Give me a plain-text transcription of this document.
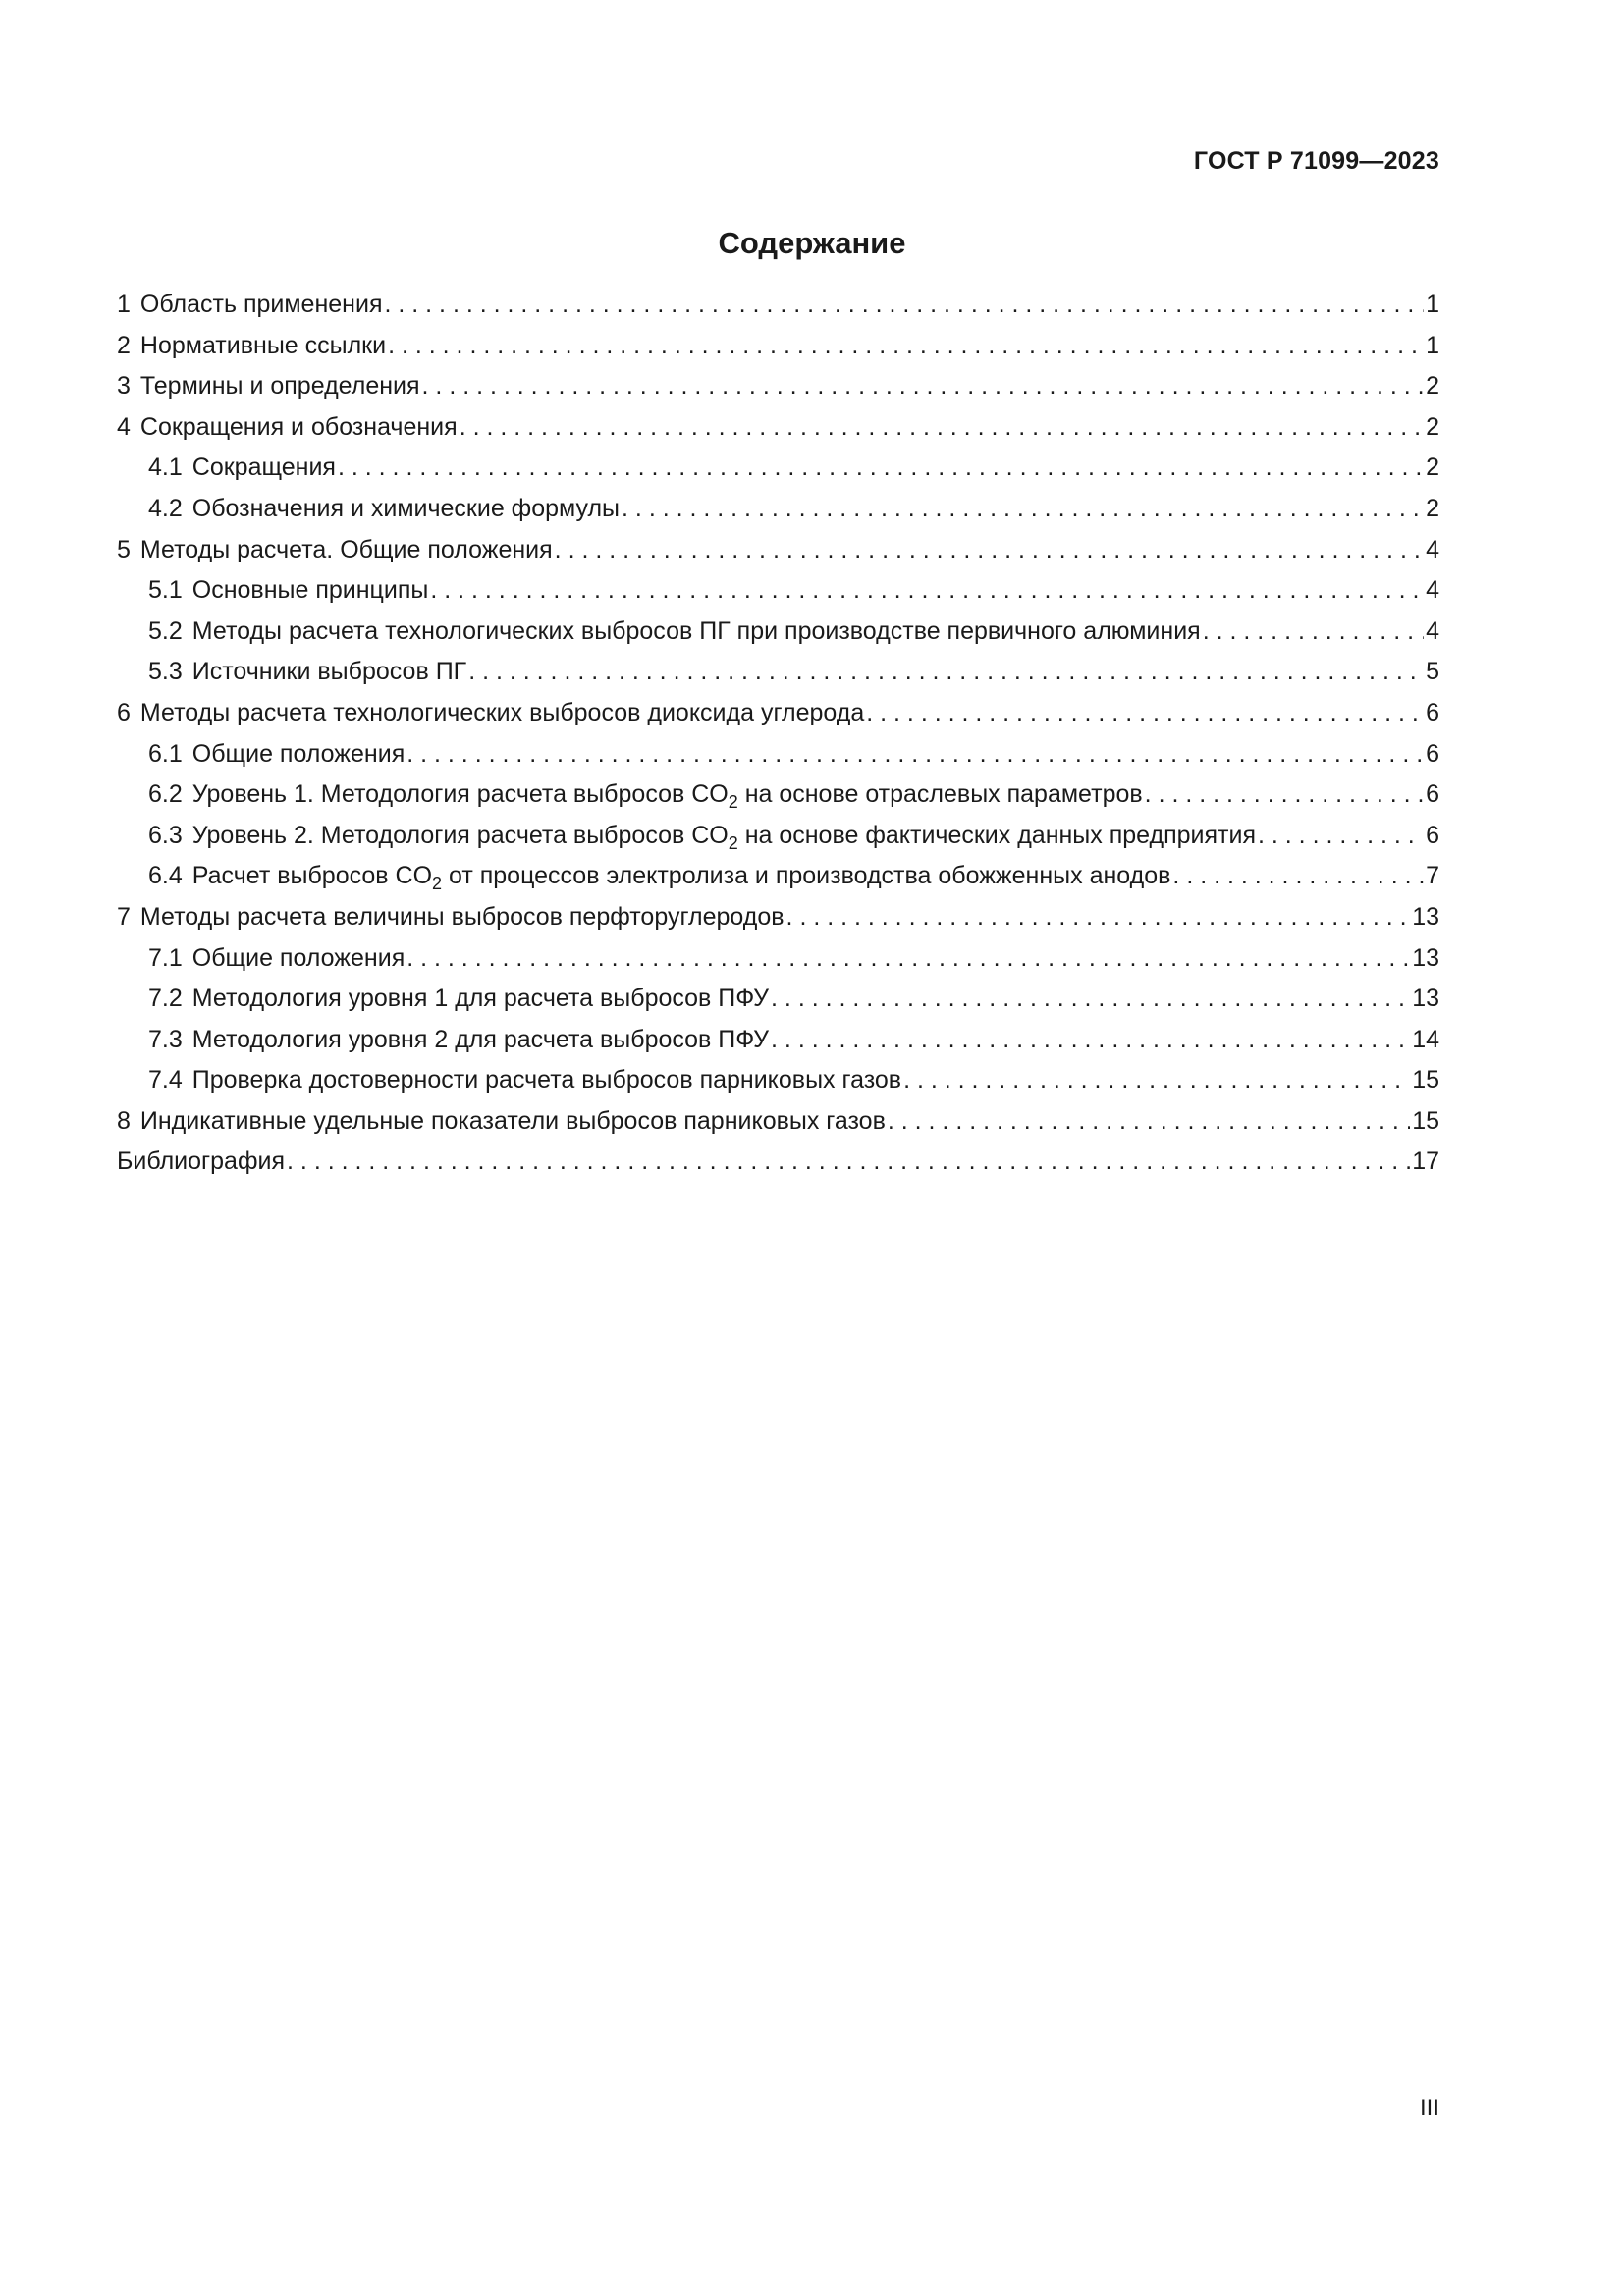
ГОСТ Р 71099—2023
Содержание
1 Область применения . . .	1
2 Нормативные ссылки . . .	1
3 Термины и определения . . .	2
4 Сокращения и обозначения . . .	2
4.1 Сокращения . . .	2
4.2 Обозначения и химические формулы . . .	2
5 Методы расчета. Общие положения . . .	4
5.1 Основные принципы . . .	4
5.2 Методы расчета технологических выбросов ПГ при производстве первичного алюминия . . .	4
5.3 Источники выбросов ПГ . . .	5
6 Методы расчета технологических выбросов диоксида углерода . . .	6
6.1 Общие положения . . .	6
6.2 Уровень 1. Методология расчета выбросов $CO_2$ на основе отраслевых параметров . . .	6
6.3 Уровень 2. Методология расчета выбросов $CO_2$ на основе фактических данных предприятия . . .	6
6.4 Расчет выбросов $CO_2$ от процессов электролиза и производства обожженных анодов . . .	7
7 Методы расчета величины выбросов перфторуглеродов . . .	13
7.1 Общие положения . . .	13
7.2 Методология уровня 1 для расчета выбросов ПФУ . . .	13
7.3 Методология уровня 2 для расчета выбросов ПФУ . . .	14
7.4 Проверка достоверности расчета выбросов парниковых газов . . .	15
8 Индикативные удельные показатели выбросов парниковых газов . . .	15
Библиография . . .	17
III
